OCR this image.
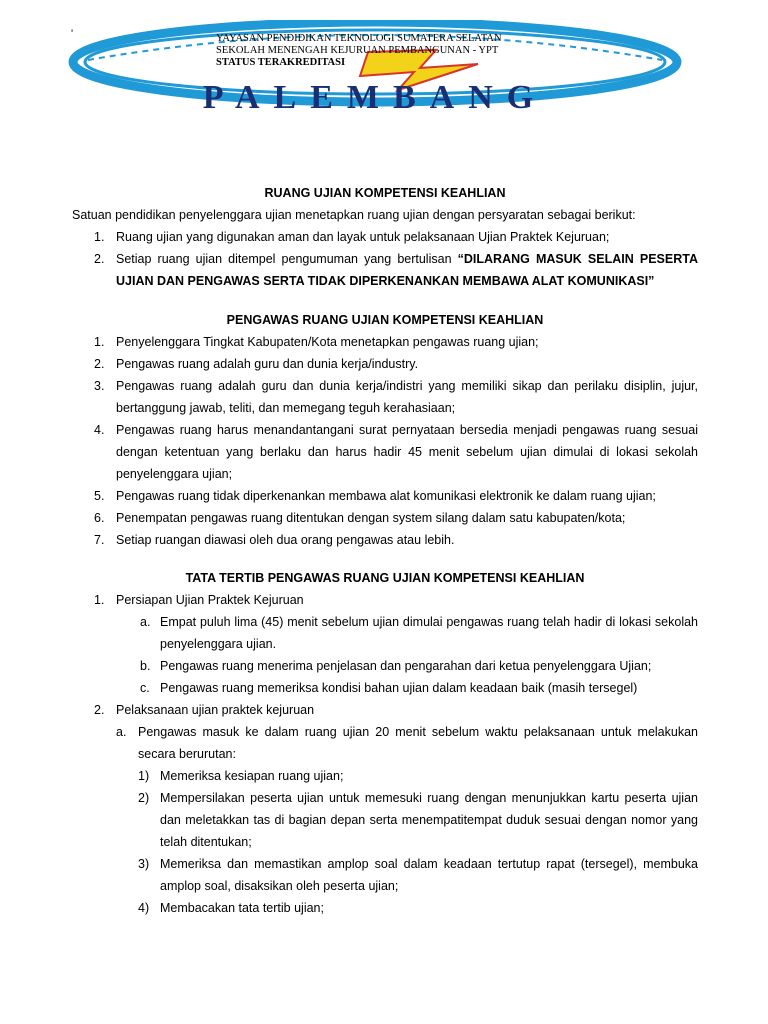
'
PALEMBANG
YAYASAN PENDIDIKAN TEKNOLOGI SUMATERA SELATAN
SEKOLAH MENENGAH KEJURUAN PEMBANGUNAN - YPT
STATUS TERAKREDITASI
RUANG UJIAN KOMPETENSI KEAHLIAN

Satuan pendidikan penyelenggara ujian menetapkan ruang ujian dengan persyaratan sebagai berikut:

1. Ruang ujian yang digunakan aman dan layak untuk pelaksanaan Ujian Praktek Kejuruan;
2. Setiap ruang ujian ditempel pengumuman yang bertulisan “DILARANG MASUK SELAIN PESERTA UJIAN DAN PENGAWAS SERTA TIDAK DIPERKENANKAN MEMBAWA ALAT KOMUNIKASI”
PENGAWAS RUANG UJIAN KOMPETENSI KEAHLIAN
1. Penyelenggara Tingkat Kabupaten/Kota menetapkan pengawas ruang ujian;
2. Pengawas ruang adalah guru dan dunia kerja/industry.
3. Pengawas ruang adalah guru dan dunia kerja/indistri yang memiliki sikap dan perilaku disiplin, jujur, bertanggung jawab, teliti, dan memegang teguh kerahasiaan;
4. Pengawas ruang harus menandantangani surat pernyataan bersedia menjadi pengawas ruang sesuai dengan ketentuan yang berlaku dan harus hadir 45 menit sebelum ujian dimulai di lokasi sekolah penyelenggara ujian;
5. Pengawas ruang tidak diperkenankan membawa alat komunikasi elektronik ke dalam ruang ujian;
6. Penempatan pengawas ruang ditentukan dengan system silang dalam satu kabupaten/kota;
7. Setiap ruangan diawasi oleh dua orang pengawas atau lebih.
TATA TERTIB PENGAWAS RUANG UJIAN KOMPETENSI KEAHLIAN
1. Persiapan Ujian Praktek Kejuruan
a. Empat puluh lima (45) menit sebelum ujian dimulai pengawas ruang telah hadir di lokasi sekolah penyelenggara ujian.
b. Pengawas ruang menerima penjelasan dan pengarahan dari ketua penyelenggara Ujian;
c. Pengawas ruang memeriksa kondisi bahan ujian dalam keadaan baik (masih tersegel)
2. Pelaksanaan ujian praktek kejuruan
a. Pengawas masuk ke dalam ruang ujian 20 menit sebelum waktu pelaksanaan untuk melakukan secara berurutan:
1) Memeriksa kesiapan ruang ujian;
2) Mempersilakan peserta ujian untuk memesuki ruang dengan menunjukkan kartu peserta ujian dan meletakkan tas di bagian depan serta menempatitempat duduk sesuai dengan nomor yang telah ditentukan;
3) Memeriksa dan memastikan amplop soal dalam keadaan tertutup rapat (tersegel), membuka amplop soal, disaksikan oleh peserta ujian;
4) Membacakan tata tertib ujian;
